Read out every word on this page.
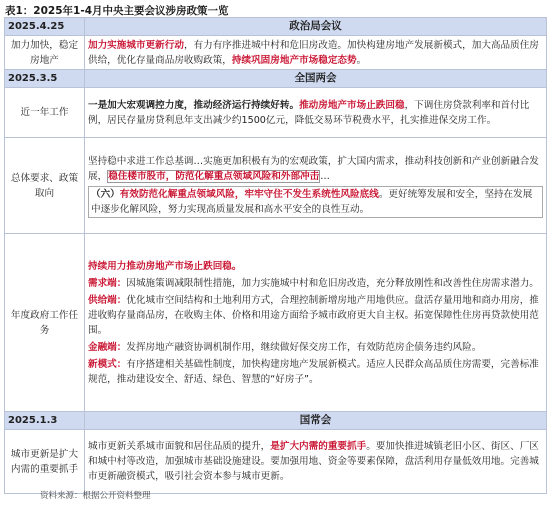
表1：2025年1-4月中央主要会议涉房政策一览
2025.4.25	政治局会议
加力加快，稳定房地产	加力实施城市更新行动，有力有序推进城中村和危旧房改造。加快构建房地产发展新模式，加大高品质住房供给，优化存量商品房收购政策，持续巩固房地产市场稳定态势。
2025.3.5	全国两会
近一年工作	一是加大宏观调控力度，推动经济运行持续好转。推动房地产市场止跌回稳，下调住房贷款利率和首付比例，居民存量房贷利息年支出减少约1500亿元，降低交易环节税费水平，扎实推进保交房工作。
总体要求、政策取向	坚持稳中求进工作总基调…实施更加积极有为的宏观政策，扩大国内需求，推动科技创新和产业创新融合发展，稳住楼市股市，防范化解重点领域风险和外部冲击…
（六）有效防范化解重点领域风险，牢牢守住不发生系统性风险底线。更好统筹发展和安全，坚持在发展中逐步化解风险，努力实现高质量发展和高水平安全的良性互动。

年度政府工作任务	持续用力推动房地产市场止跌回稳。
需求端：因城施策调减限制性措施，加力实施城中村和危旧房改造，充分释放刚性和改善性住房需求潜力。
供给端：优化城市空间结构和土地利用方式，合理控制新增房地产用地供应。盘活存量用地和商办用房，推进收购存量商品房，在收购主体、价格和用途方面给予城市政府更大自主权。拓宽保障性住房再贷款使用范围。
金融端：发挥房地产融资协调机制作用，继续做好保交房工作，有效防范房企债务违约风险。
新模式：有序搭建相关基础性制度，加快构建房地产发展新模式。适应人民群众高品质住房需要，完善标准规范，推动建设安全、舒适、绿色、智慧的“好房子”。

2025.1.3	国常会
城市更新是扩大内需的重要抓手	城市更新关系城市面貌和居住品质的提升，是扩大内需的重要抓手。要加快推进城镇老旧小区、街区、厂区和城中村等改造，加强城市基础设施建设。要加强用地、资金等要素保障，盘活利用存量低效用地。完善城市更新融资模式，吸引社会资本参与城市更新。
资料来源：根据公开资料整理
